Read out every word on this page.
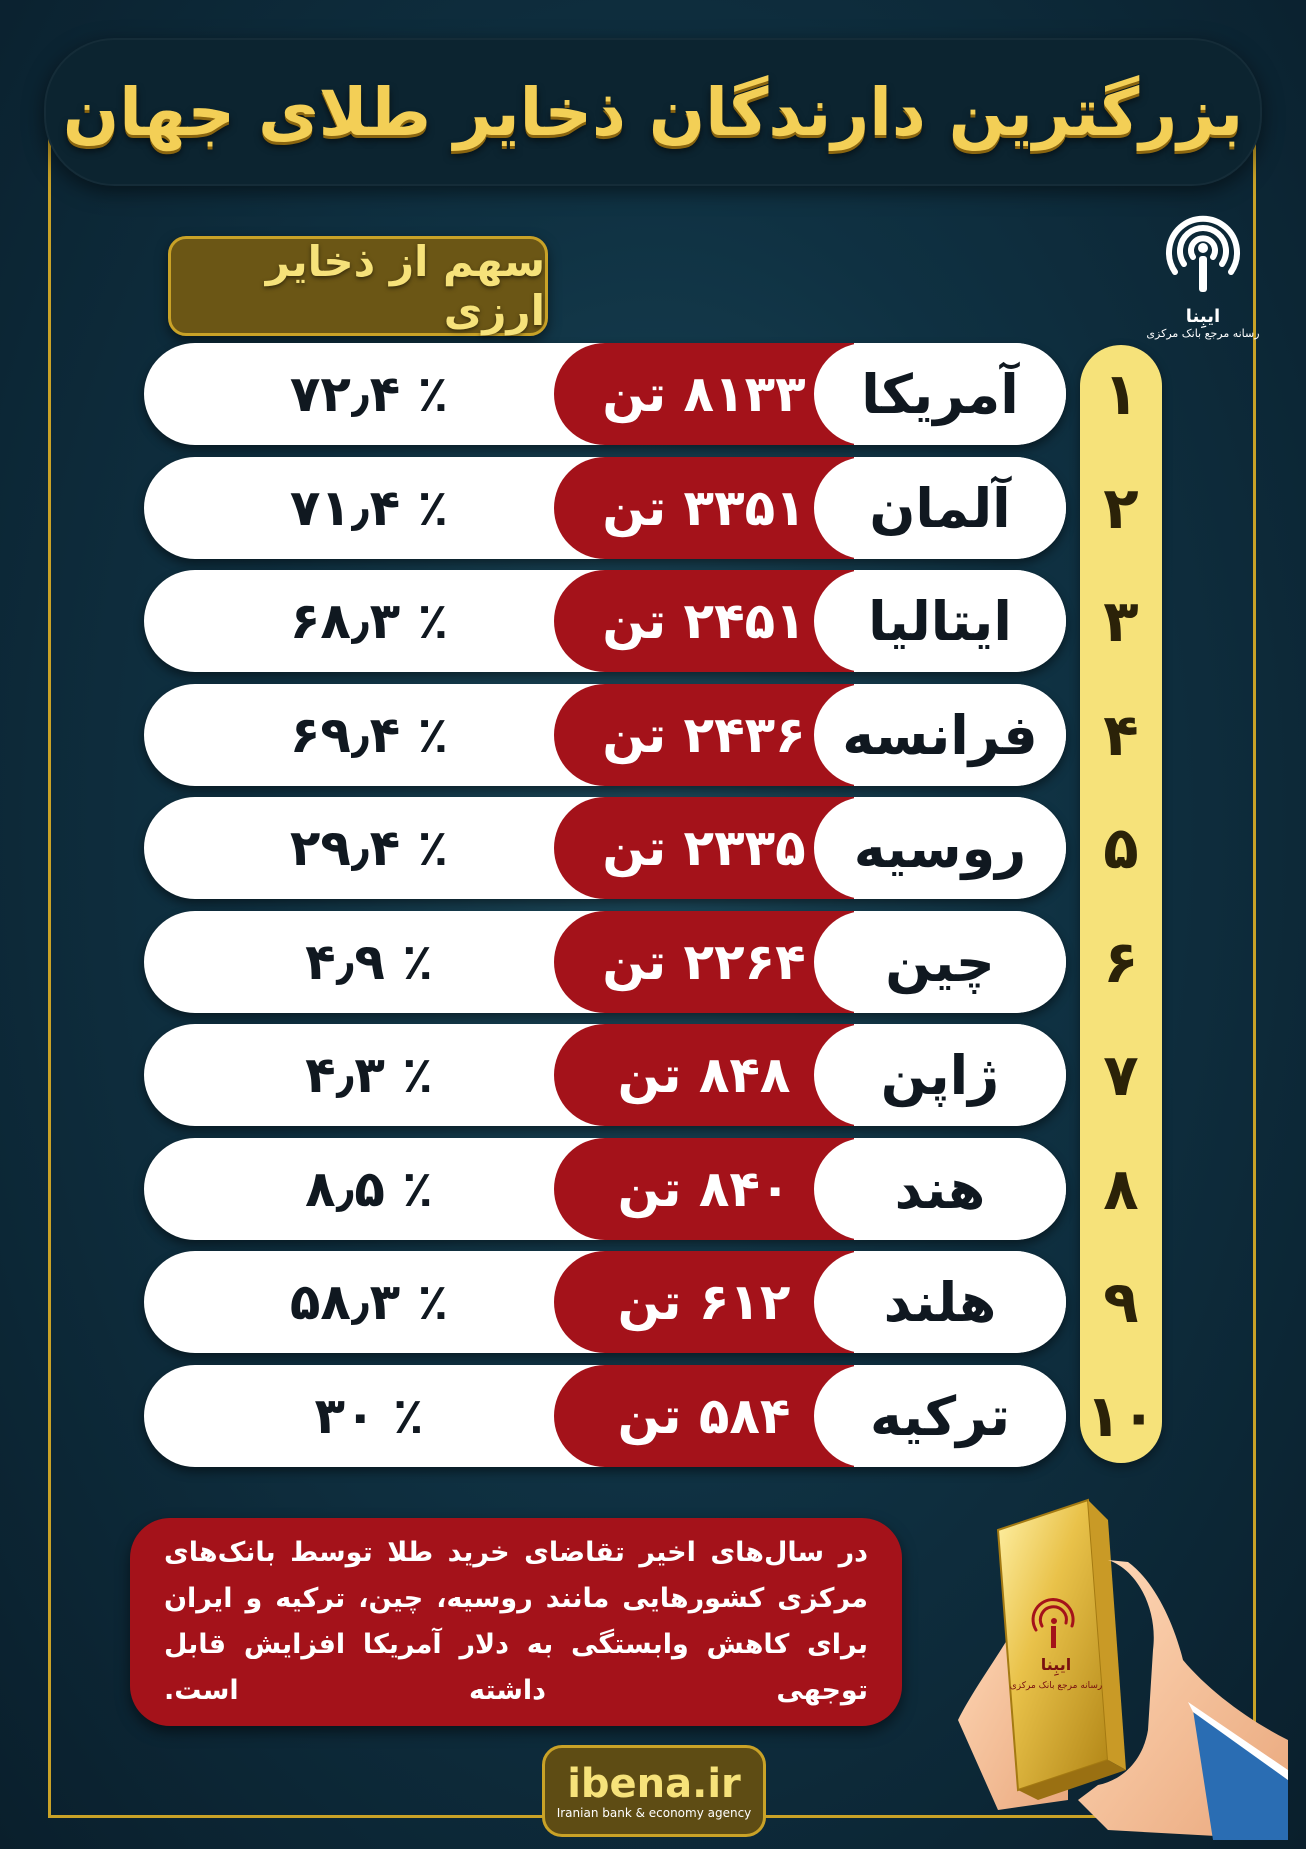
بزرگترین دارندگان ذخایر طلای جهان
ایبِنا
رسانه مرجع بانک مرکزی
سهم از ذخایر ارزی
٪ ۷۲٫۴	۸۱۳۳ تن آمریکا ۱
٪ ۷۱٫۴	۳۳۵۱ تن آلمان ۲
٪ ۶۸٫۳	۲۴۵۱ تن ایتالیا ۳
٪ ۶۹٫۴	۲۴۳۶ تن فرانسه ۴
٪ ۲۹٫۴	۲۳۳۵ تن روسیه ۵
٪ ۴٫۹	۲۲۶۴ تن چین ۶
٪ ۴٫۳	۸۴۸ تن ژاپن ۷
٪ ۸٫۵	۸۴۰ تن هند ۸
٪ ۵۸٫۳	۶۱۲ تن هلند ۹
٪ ۳۰	۵۸۴ تن ترکیه ۱۰

در سال‌های اخیر تقاضای خرید طلا توسط بانک‌های مرکزی کشورهایی مانند روسیه، چین، ترکیه و ایران برای کاهش وابستگی به دلار آمریکا افزایش قابل توجهی داشته است.

ایبِنا
رسانه مرجع بانک مرکزی
ibena.ir
Iranian bank & economy agency
